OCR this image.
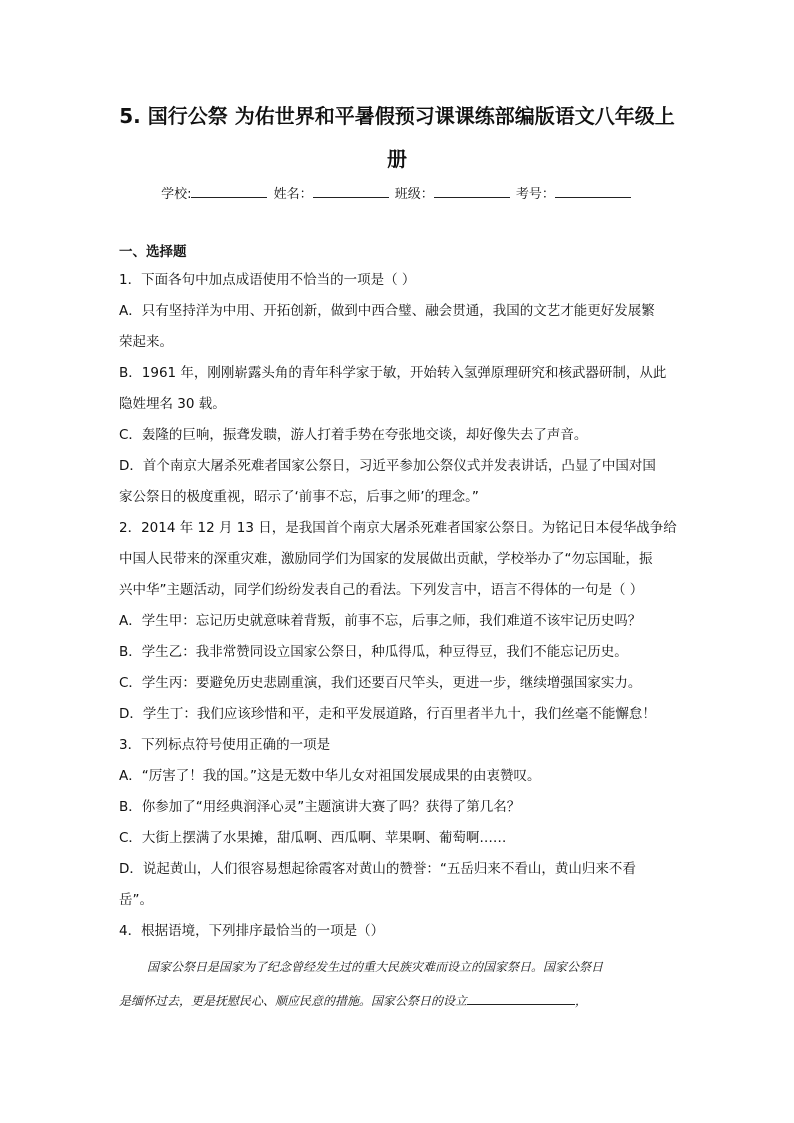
5. 国行公祭 为佑世界和平暑假预习课课练部编版语文八年级上
册
学校:	姓名：	班级：	考号：
一、选择题
1．下面各句中加点成语使用不恰当的一项是（ ）
A．只有坚持洋为中用、开拓创新，做到中西合璧、融会贯通，我国的文艺才能更好发展繁
荣起来。
B．1961 年，刚刚崭露头角的青年科学家于敏，开始转入氢弹原理研究和核武器研制，从此
隐姓埋名 30 载。
C．轰隆的巨响，振聋发聩，游人打着手势在夸张地交谈，却好像失去了声音。
D．首个南京大屠杀死难者国家公祭日，习近平参加公祭仪式并发表讲话，凸显了中国对国
家公祭日的极度重视，昭示了‘前事不忘，后事之师’的理念。”
2．2014 年 12 月 13 日，是我国首个南京大屠杀死难者国家公祭日。为铭记日本侵华战争给
中国人民带来的深重灾难，激励同学们为国家的发展做出贡献，学校举办了“勿忘国耻，振
兴中华”主题活动，同学们纷纷发表自己的看法。下列发言中，语言不得体的一句是（ ）
A．学生甲：忘记历史就意味着背叛，前事不忘，后事之师，我们难道不该牢记历史吗？
B．学生乙：我非常赞同设立国家公祭日，种瓜得瓜，种豆得豆，我们不能忘记历史。
C．学生丙：要避免历史悲剧重演，我们还要百尺竿头，更进一步，继续增强国家实力。
D．学生丁：我们应该珍惜和平，走和平发展道路，行百里者半九十，我们丝毫不能懈怠！
3．下列标点符号使用正确的一项是
A．“厉害了！我的国。”这是无数中华儿女对祖国发展成果的由衷赞叹。
B．你参加了“用经典润泽心灵”主题演讲大赛了吗？获得了第几名？
C．大街上摆满了水果摊，甜瓜啊、西瓜啊、苹果啊、葡萄啊……
D．说起黄山，人们很容易想起徐霞客对黄山的赞誉：“五岳归来不看山，黄山归来不看
岳”。
4．根据语境，下列排序最恰当的一项是（）
国家公祭日是国家为了纪念曾经发生过的重大民族灾难而设立的国家祭日。国家公祭日
是缅怀过去，更是抚慰民心、顺应民意的措施。国家公祭日的设立	，
